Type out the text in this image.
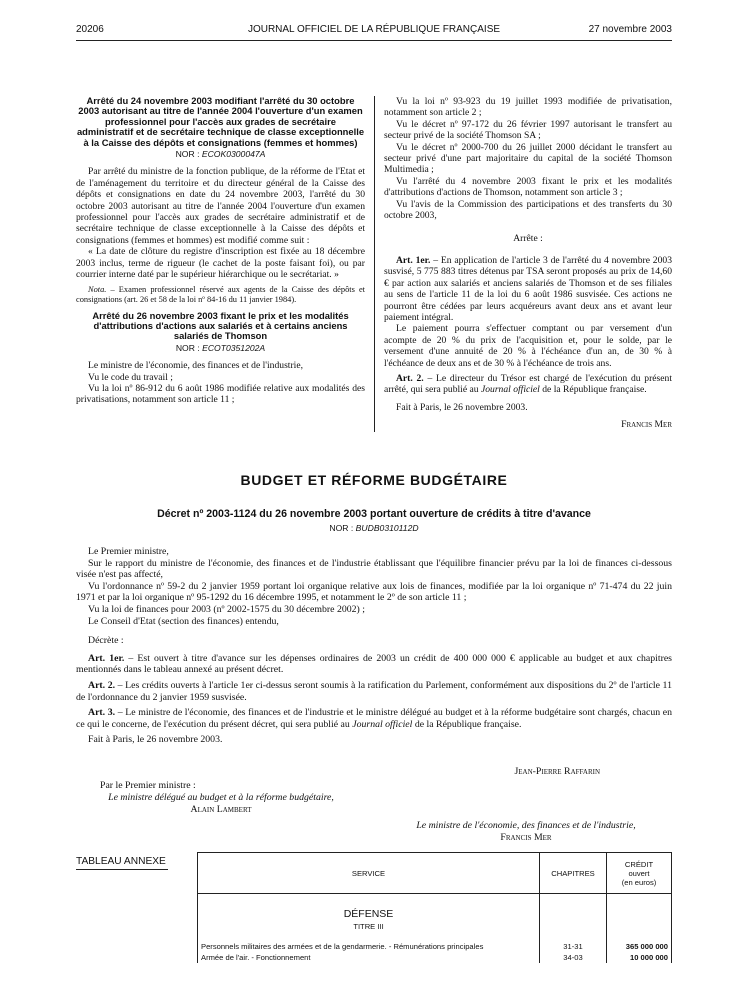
20206	JOURNAL OFFICIEL DE LA RÉPUBLIQUE FRANÇAISE	27 novembre 2003

Arrêté du 24 novembre 2003 modifiant l'arrêté du 30 octobre 2003 autorisant au titre de l'année 2004 l'ouverture d'un examen professionnel pour l'accès aux grades de secrétaire administratif et de secrétaire technique de classe exceptionnelle à la Caisse des dépôts et consignations (femmes et hommes)

NOR : ECOK0300047A

Par arrêté du ministre de la fonction publique, de la réforme de l'Etat et de l'aménagement du territoire et du directeur général de la Caisse des dépôts et consignations en date du 24 novembre 2003, l'arrêté du 30 octobre 2003 autorisant au titre de l'année 2004 l'ouverture d'un examen professionnel pour l'accès aux grades de secrétaire administratif et de secrétaire technique de classe exceptionnelle à la Caisse des dépôts et consignations (femmes et hommes) est modifié comme suit :

« La date de clôture du registre d'inscription est fixée au 18 décembre 2003 inclus, terme de rigueur (le cachet de la poste faisant foi), ou par courrier interne daté par le supérieur hiérarchique ou le secrétariat. »

Nota. – Examen professionnel réservé aux agents de la Caisse des dépôts et consignations (art. 26 et 58 de la loi nº 84-16 du 11 janvier 1984).

Arrêté du 26 novembre 2003 fixant le prix et les modalités d'attributions d'actions aux salariés et à certains anciens salariés de Thomson

NOR : ECOT0351202A

Le ministre de l'économie, des finances et de l'industrie,

Vu le code du travail ;

Vu la loi nº 86-912 du 6 août 1986 modifiée relative aux modalités des privatisations, notamment son article 11 ;

Vu la loi nº 93-923 du 19 juillet 1993 modifiée de privatisation, notamment son article 2 ;

Vu le décret nº 97-172 du 26 février 1997 autorisant le transfert au secteur privé de la société Thomson SA ;

Vu le décret nº 2000-700 du 26 juillet 2000 décidant le transfert au secteur privé d'une part majoritaire du capital de la société Thomson Multimedia ;

Vu l'arrêté du 4 novembre 2003 fixant le prix et les modalités d'attributions d'actions de Thomson, notamment son article 3 ;

Vu l'avis de la Commission des participations et des transferts du 30 octobre 2003,

Arrête :

Art. 1er. – En application de l'article 3 de l'arrêté du 4 novembre 2003 susvisé, 5 775 883 titres détenus par TSA seront proposés au prix de 14,60 € par action aux salariés et anciens salariés de Thomson et de ses filiales au sens de l'article 11 de la loi du 6 août 1986 susvisée. Ces actions ne pourront être cédées par leurs acquéreurs avant deux ans et avant leur paiement intégral.

Le paiement pourra s'effectuer comptant ou par versement d'un acompte de 20 % du prix de l'acquisition et, pour le solde, par le versement d'une annuité de 20 % à l'échéance d'un an, de 30 % à l'échéance de deux ans et de 30 % à l'échéance de trois ans.

Art. 2. – Le directeur du Trésor est chargé de l'exécution du présent arrêté, qui sera publié au Journal officiel de la République française.

Fait à Paris, le 26 novembre 2003.

Francis Mer

BUDGET ET RÉFORME BUDGÉTAIRE
Décret nº 2003-1124 du 26 novembre 2003 portant ouverture de crédits à titre d'avance
NOR : BUDB0310112D

Le Premier ministre,

Sur le rapport du ministre de l'économie, des finances et de l'industrie établissant que l'équilibre financier prévu par la loi de finances ci-dessous visée n'est pas affecté,

Vu l'ordonnance nº 59-2 du 2 janvier 1959 portant loi organique relative aux lois de finances, modifiée par la loi organique nº 71-474 du 22 juin 1971 et par la loi organique nº 95-1292 du 16 décembre 1995, et notamment le 2º de son article 11 ;

Vu la loi de finances pour 2003 (nº 2002-1575 du 30 décembre 2002) ;

Le Conseil d'Etat (section des finances) entendu,

Décrète :

Art. 1er. – Est ouvert à titre d'avance sur les dépenses ordinaires de 2003 un crédit de 400 000 000 € applicable au budget et aux chapitres mentionnés dans le tableau annexé au présent décret.

Art. 2. – Les crédits ouverts à l'article 1er ci-dessus seront soumis à la ratification du Parlement, conformément aux dispositions du 2º de l'article 11 de l'ordonnance du 2 janvier 1959 susvisée.

Art. 3. – Le ministre de l'économie, des finances et de l'industrie et le ministre délégué au budget et à la réforme budgétaire sont chargés, chacun en ce qui le concerne, de l'exécution du présent décret, qui sera publié au Journal officiel de la République française.

Fait à Paris, le 26 novembre 2003.

Jean-Pierre Raffarin
Par le Premier ministre :
Le ministre délégué au budget et à la réforme budgétaire,
Alain Lambert
Le ministre de l'économie, des finances et de l'industrie,
Francis Mer
TABLEAU ANNEXE
SERVICE	CHAPITRES	CRÉDIT
ouvert
(en euros)
DÉFENSE		
TITRE III		
Personnels militaires des armées et de la gendarmerie. - Rémunérations principales	31-31	365 000 000
Armée de l'air. - Fonctionnement	34-03	10 000 000
